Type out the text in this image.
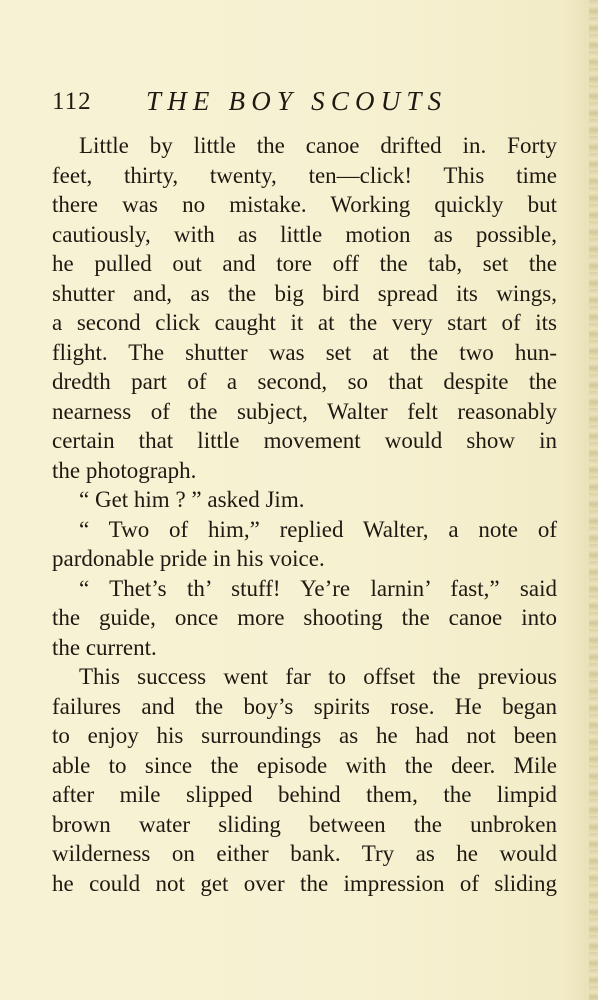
112 THE BOY SCOUTS
Little by little the canoe drifted in. Forty
feet, thirty, twenty, ten—click! This time
there was no mistake. Working quickly but
cautiously, with as little motion as possible,
he pulled out and tore off the tab, set the
shutter and, as the big bird spread its wings,
a second click caught it at the very start of its
flight. The shutter was set at the two hun-
dredth part of a second, so that despite the
nearness of the subject, Walter felt reasonably
certain that little movement would show in
the photograph.
“ Get him ? ” asked Jim.
“ Two of him,” replied Walter, a note of
pardonable pride in his voice.
“ Thet’s th’ stuff! Ye’re larnin’ fast,” said
the guide, once more shooting the canoe into
the current.
This success went far to offset the previous
failures and the boy’s spirits rose. He began
to enjoy his surroundings as he had not been
able to since the episode with the deer. Mile
after mile slipped behind them, the limpid
brown water sliding between the unbroken
wilderness on either bank. Try as he would
he could not get over the impression of sliding
